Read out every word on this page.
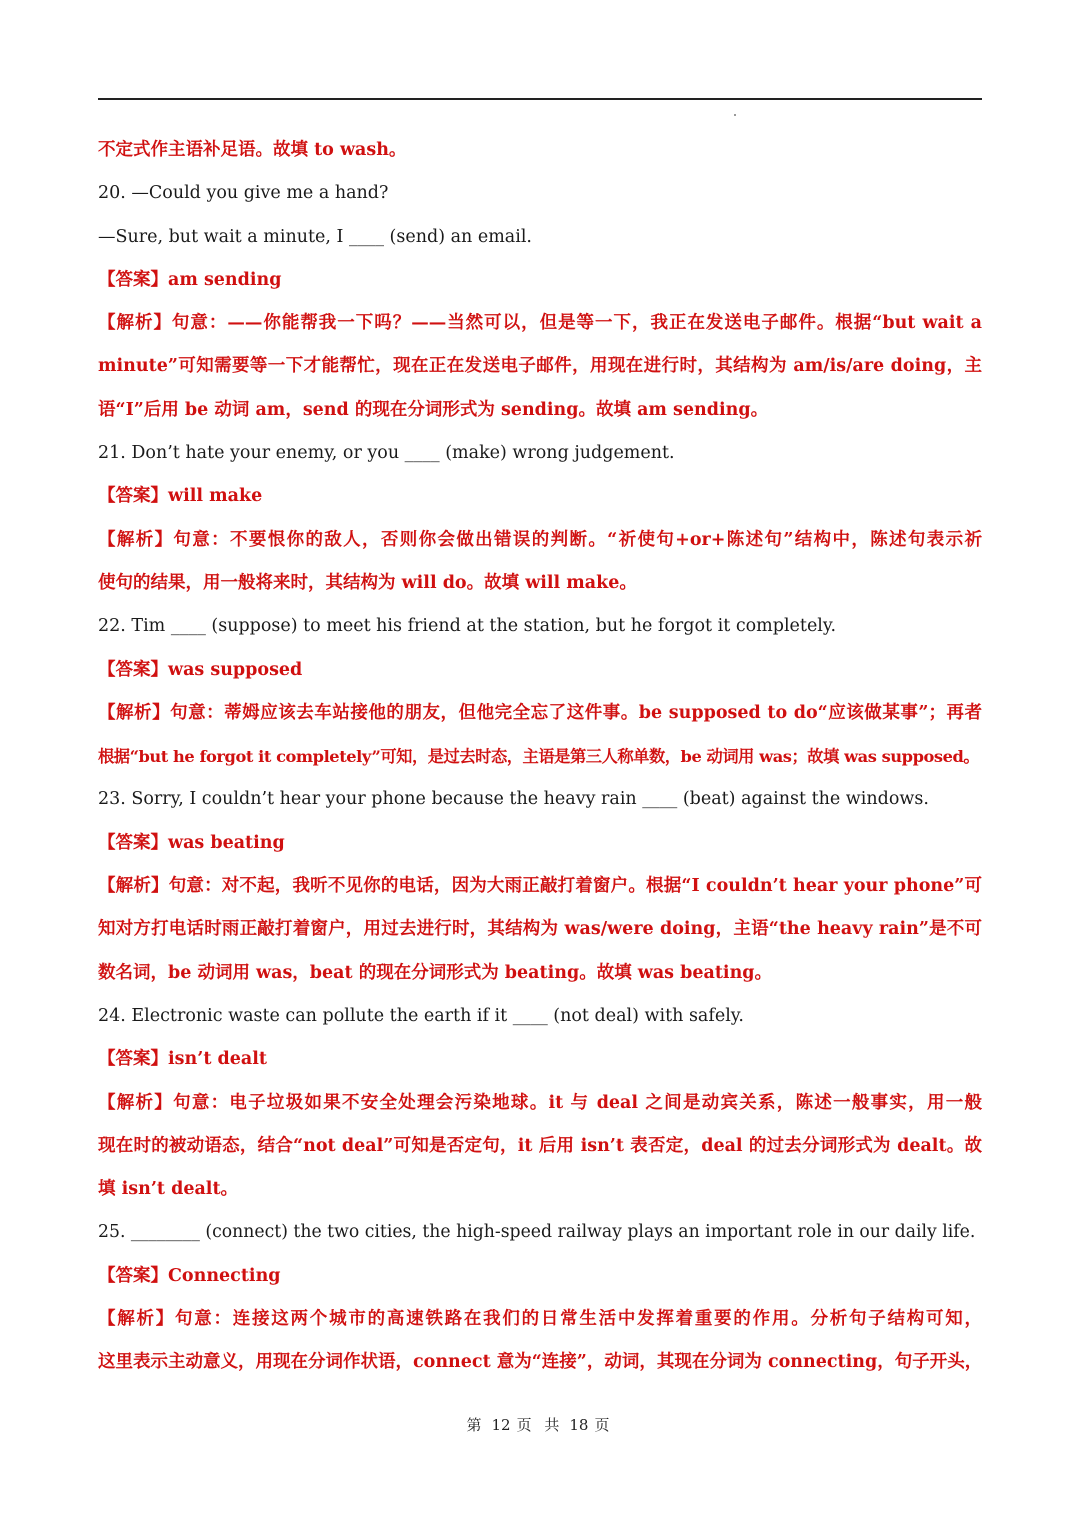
不定式作主语补足语。故填 to wash。
20. —Could you give me a hand?
—Sure, but wait a minute, I ____ (send) an email.
【答案】am sending
【解析】句意：——你能帮我一下吗？——当然可以，但是等一下，我正在发送电子邮件。根据“but wait a
minute”可知需要等一下才能帮忙，现在正在发送电子邮件，用现在进行时，其结构为 am/is/are doing，主
语“I”后用 be 动词 am，send 的现在分词形式为 sending。故填 am sending。
21. Don’t hate your enemy, or you ____ (make) wrong judgement.
【答案】will make
【解析】句意：不要恨你的敌人，否则你会做出错误的判断。“祈使句+or+陈述句”结构中，陈述句表示祈
使句的结果，用一般将来时，其结构为 will do。故填 will make。
22. Tim ____ (suppose) to meet his friend at the station, but he forgot it completely.
【答案】was supposed
【解析】句意：蒂姆应该去车站接他的朋友，但他完全忘了这件事。be supposed to do“应该做某事”；再者
根据“but he forgot it completely”可知，是过去时态，主语是第三人称单数，be 动词用 was；故填 was supposed。
23. Sorry, I couldn’t hear your phone because the heavy rain ____ (beat) against the windows.
【答案】was beating
【解析】句意：对不起，我听不见你的电话，因为大雨正敲打着窗户。根据“I couldn’t hear your phone”可
知对方打电话时雨正敲打着窗户，用过去进行时，其结构为 was/were doing，主语“the heavy rain”是不可
数名词，be 动词用 was，beat 的现在分词形式为 beating。故填 was beating。
24. Electronic waste can pollute the earth if it ____ (not deal) with safely.
【答案】isn’t dealt
【解析】句意：电子垃圾如果不安全处理会污染地球。it 与 deal 之间是动宾关系，陈述一般事实，用一般
现在时的被动语态，结合“not deal”可知是否定句，it 后用 isn’t 表否定，deal 的过去分词形式为 dealt。故
填 isn’t dealt。
25. ________ (connect) the two cities, the high-speed railway plays an important role in our daily life.
【答案】Connecting
【解析】句意：连接这两个城市的高速铁路在我们的日常生活中发挥着重要的作用。分析句子结构可知，
这里表示主动意义，用现在分词作状语，connect 意为“连接”，动词，其现在分词为 connecting，句子开头，
第 12 页 共 18 页
